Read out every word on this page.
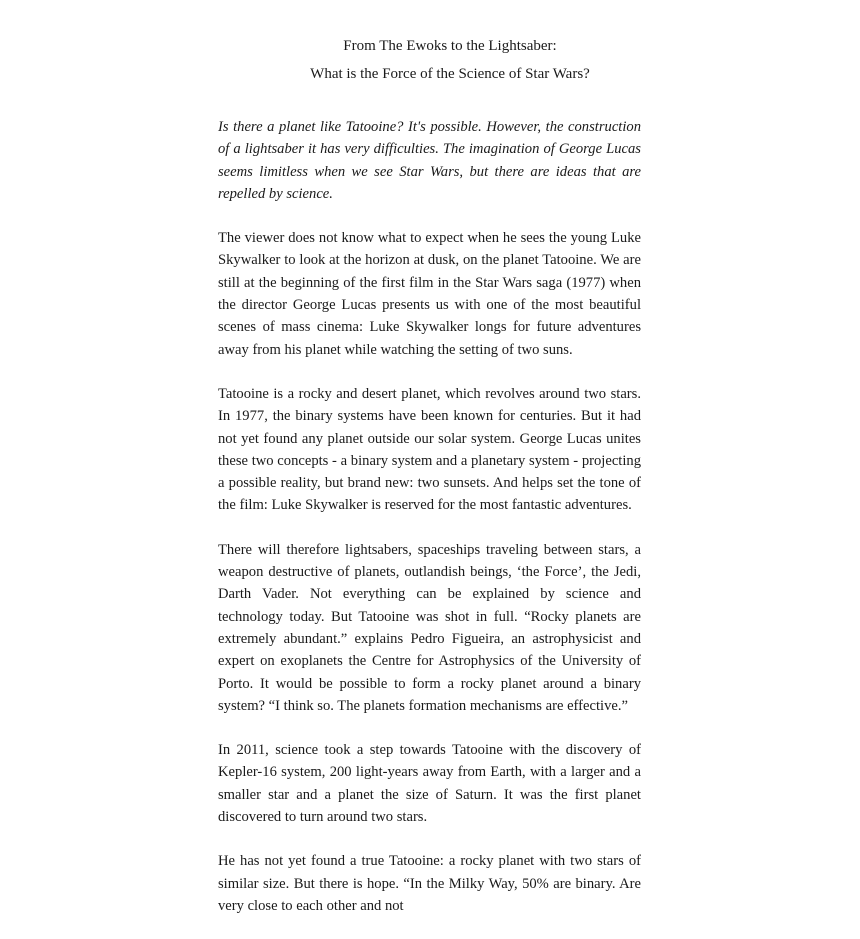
From The Ewoks to the Lightsaber:
What is the Force of the Science of Star Wars?

Is there a planet like Tatooine? It's possible. However, the construction of a lightsaber it has very difficulties. The imagination of George Lucas seems limitless when we see Star Wars, but there are ideas that are repelled by science.

The viewer does not know what to expect when he sees the young Luke Skywalker to look at the horizon at dusk, on the planet Tatooine. We are still at the beginning of the first film in the Star Wars saga (1977) when the director George Lucas presents us with one of the most beautiful scenes of mass cinema: Luke Skywalker longs for future adventures away from his planet while watching the setting of two suns.

Tatooine is a rocky and desert planet, which revolves around two stars. In 1977, the binary systems have been known for centuries. But it had not yet found any planet outside our solar system. George Lucas unites these two concepts - a binary system and a planetary system - projecting a possible reality, but brand new: two sunsets. And helps set the tone of the film: Luke Skywalker is reserved for the most fantastic adventures.

There will therefore lightsabers, spaceships traveling between stars, a weapon destructive of planets, outlandish beings, ‘the Force’, the Jedi, Darth Vader. Not everything can be explained by science and technology today. But Tatooine was shot in full. “Rocky planets are extremely abundant.” explains Pedro Figueira, an astrophysicist and expert on exoplanets the Centre for Astrophysics of the University of Porto. It would be possible to form a rocky planet around a binary system? “I think so. The planets formation mechanisms are effective.”

In 2011, science took a step towards Tatooine with the discovery of Kepler-16 system, 200 light-years away from Earth, with a larger and a smaller star and a planet the size of Saturn. It was the first planet discovered to turn around two stars.

He has not yet found a true Tatooine: a rocky planet with two stars of similar size. But there is hope. “In the Milky Way, 50% are binary. Are very close to each other and not
